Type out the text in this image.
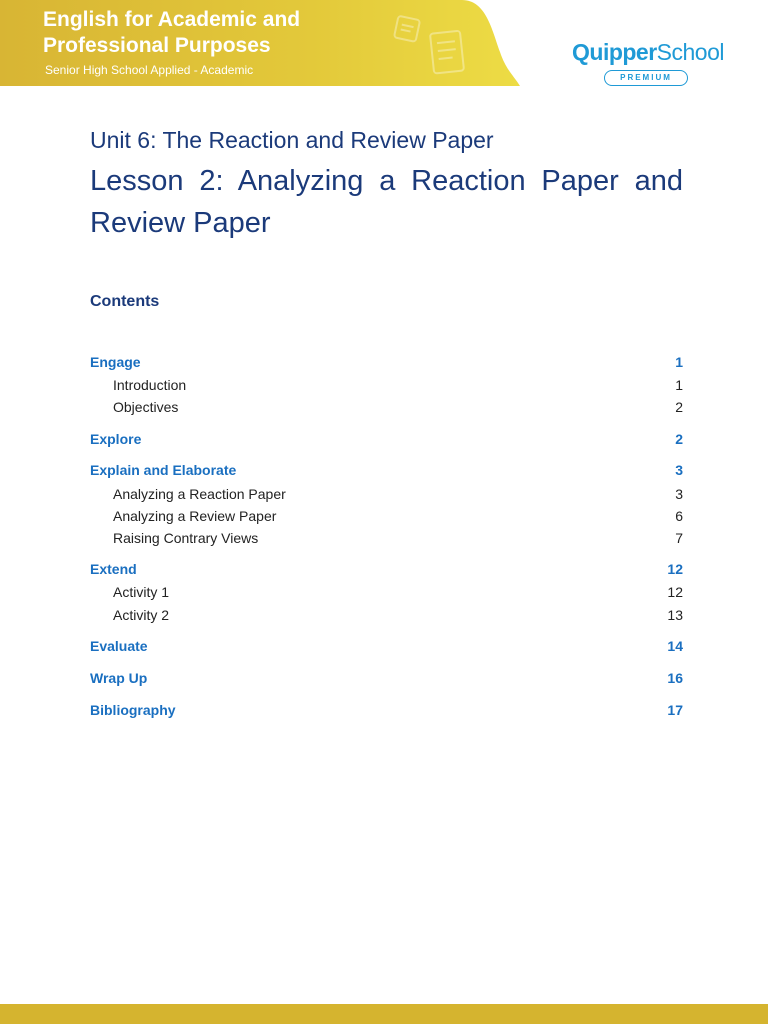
English for Academic and Professional Purposes
Senior High School Applied - Academic
QuipperSchool
PREMIUM
Unit 6: The Reaction and Review Paper
Lesson 2: Analyzing a Reaction Paper and Review Paper
Contents
Engage	1
Introduction	1
Objectives	2
Explore	2
Explain and Elaborate	3
Analyzing a Reaction Paper	3
Analyzing a Review Paper	6
Raising Contrary Views	7
Extend	12
Activity 1	12
Activity 2	13
Evaluate	14
Wrap Up	16
Bibliography	17
